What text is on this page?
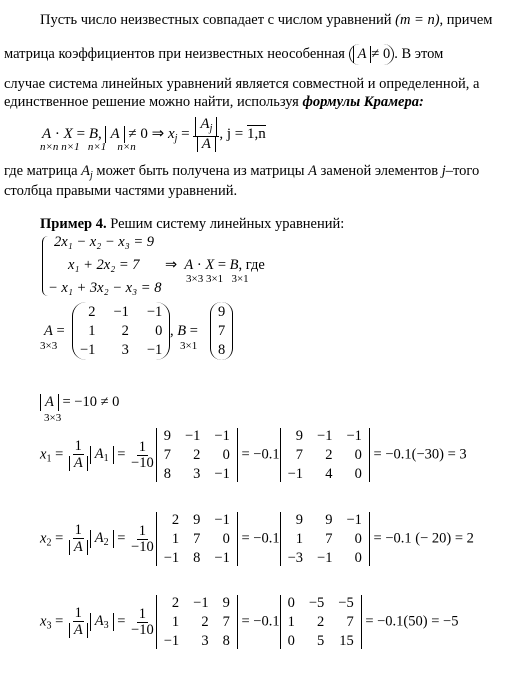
Пусть число неизвестных совпадает с числом уравнений (m = n), причем
матрица коэффициентов при неизвестных неособенная A ≠ 0 . В этом
случае система линейных уравнений является совместной и определенной, а
единственное решение можно найти, используя формулы Крамера:
A · X = B, A ≠ 0 ⇒ $x_j = \frac{A_j}{A}$ , j = 1,n
n×n n×1 n×1 n×n
где матрица $A_j$ может быть получена из матрицы A заменой элементов j–того
столбца правыми частями уравнений.
Пример 4. Решим систему линейных уравнений:
2x₁ − x₂ − x₃ = 9
x₁ + 2x₂ = 7
− x₁ + 3x₂ − x₃ = 8
⇒ A · X = B, где
3×3 3×1 3×1
A =
3×3
2 −1 −1
1	2	0
−1	3 −1
, B =
3×1
9
7
8
A = −10 ≠ 0
3×3
$x_1 = \frac{1}{A} A_1 = \frac{1}{-10}$
9 −1 −1
7	2	0
8	3 −1
= −0.1
9 −1 −1
7	2	0
−1	4	0
= −0.1(−30) = 3
$x_2 = \frac{1}{A} A_2 = \frac{1}{-10}$
2 9 −1
1 7	0
−1 8 −1
= −0.1
9	9 −1
1	7	0
−3 −1	0
= −0.1 (− 20) = 2
$x_3 = \frac{1}{A} A_3 = \frac{1}{-10}$
2 −1 9
1	2 7
−1	3 8
= −0.1
0 −5 −5
1	2	7
0	5 15
= −0.1(50) = −5
